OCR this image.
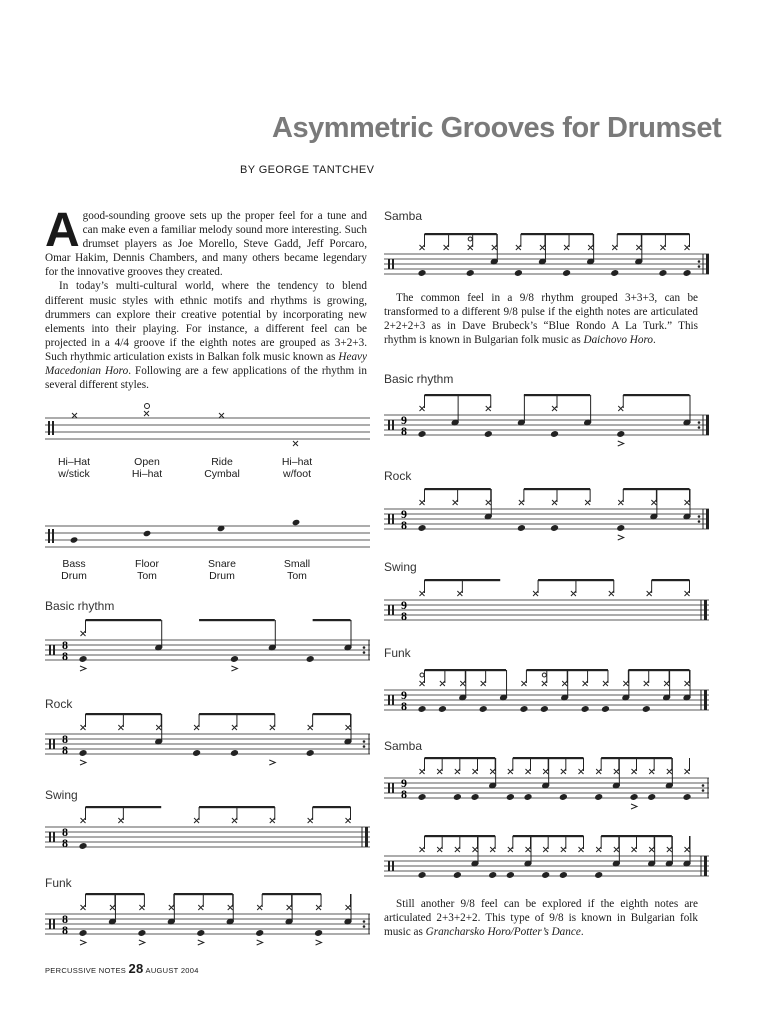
Asymmetric Grooves for Drumset
BY GEORGE TANTCHEV

Agood-sounding groove sets up the proper feel for a tune and can make even a familiar melody sound more interesting. Such drumset players as Joe Morello, Steve Gadd, Jeff Porcaro, Omar Hakim, Dennis Chambers, and many others became legendary for the innovative grooves they created.

In today’s multi-cultural world, where the tendency to blend different music styles with ethnic motifs and rhythms is growing, drummers can explore their creative potential by incorporating new elements into their playing. For instance, a different feel can be projected in a 4/4 groove if the eighth notes are grouped as 3+2+3. Such rhythmic articulation exists in Balkan folk music known as Heavy Macedonian Horo. Following are a few applications of the rhythm in several different styles.

Hi–Hat
w/stick
Open
Hi–hat
Ride
Cymbal
Hi–hat
w/foot
Bass
Drum
Floor
Tom
Snare
Drum
Small
Tom
Basic rhythm
8
8
Rock
8
8
Swing
8
8
Funk
8
8
Samba

The common feel in a 9/8 rhythm grouped 3+3+3, can be transformed to a different 9/8 pulse if the eighth notes are articulated 2+2+2+3 as in Dave Brubeck’s “Blue Rondo A La Turk.” This rhythm is known in Bulgarian folk music as Daichovo Horo.

Basic rhythm
9
8
Rock
9
8
Swing
9
8
Funk
9
8
Samba
9
8

Still another 9/8 feel can be explored if the eighth notes are articulated 2+3+2+2. This type of 9/8 is known in Bulgarian folk music as Grancharsko Horo/Potter’s Dance.

PERCUSSIVE NOTES 28 AUGUST 2004
